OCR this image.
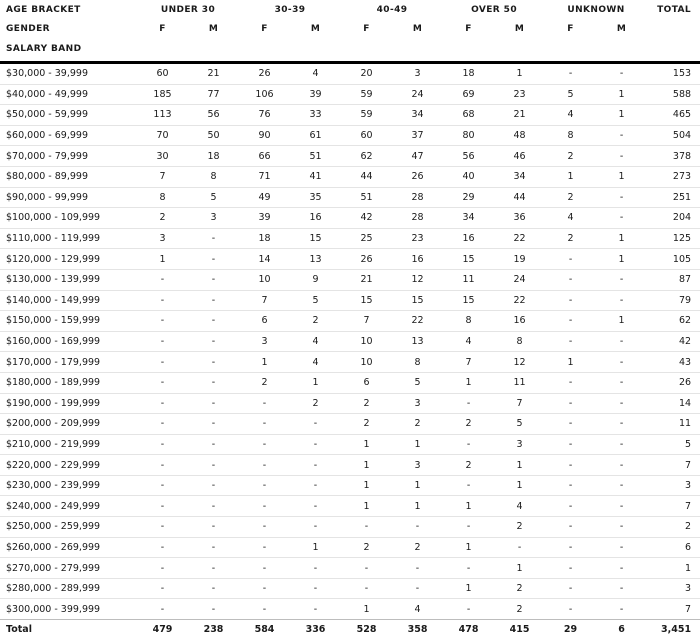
AGE BRACKET	UNDER 30		30-39		40-49		OVER 50		UNKNOWN		TOTAL
GENDER	F	M	F	M	F	M	F	M	F	M	
SALARY BAND											
$30,000 - 39,999	60	21	26	4	20	3	18	1	-	-	153
$40,000 - 49,999	185	77	106	39	59	24	69	23	5	1	588
$50,000 - 59,999	113	56	76	33	59	34	68	21	4	1	465
$60,000 - 69,999	70	50	90	61	60	37	80	48	8	-	504
$70,000 - 79,999	30	18	66	51	62	47	56	46	2	-	378
$80,000 - 89,999	7	8	71	41	44	26	40	34	1	1	273
$90,000 - 99,999	8	5	49	35	51	28	29	44	2	-	251
$100,000 - 109,999	2	3	39	16	42	28	34	36	4	-	204
$110,000 - 119,999	3	-	18	15	25	23	16	22	2	1	125
$120,000 - 129,999	1	-	14	13	26	16	15	19	-	1	105
$130,000 - 139,999	-	-	10	9	21	12	11	24	-	-	87
$140,000 - 149,999	-	-	7	5	15	15	15	22	-	-	79
$150,000 - 159,999	-	-	6	2	7	22	8	16	-	1	62
$160,000 - 169,999	-	-	3	4	10	13	4	8	-	-	42
$170,000 - 179,999	-	-	1	4	10	8	7	12	1	-	43
$180,000 - 189,999	-	-	2	1	6	5	1	11	-	-	26
$190,000 - 199,999	-	-	-	2	2	3	-	7	-	-	14
$200,000 - 209,999	-	-	-	-	2	2	2	5	-	-	11
$210,000 - 219,999	-	-	-	-	1	1	-	3	-	-	5
$220,000 - 229,999	-	-	-	-	1	3	2	1	-	-	7
$230,000 - 239,999	-	-	-	-	1	1	-	1	-	-	3
$240,000 - 249,999	-	-	-	-	1	1	1	4	-	-	7
$250,000 - 259,999	-	-	-	-	-	-	-	2	-	-	2
$260,000 - 269,999	-	-	-	1	2	2	1	-	-	-	6
$270,000 - 279,999	-	-	-	-	-	-	-	1	-	-	1
$280,000 - 289,999	-	-	-	-	-	-	1	2	-	-	3
$300,000 - 399,999	-	-	-	-	1	4	-	2	-	-	7
Total	479	238	584	336	528	358	478	415	29	6	3,451
